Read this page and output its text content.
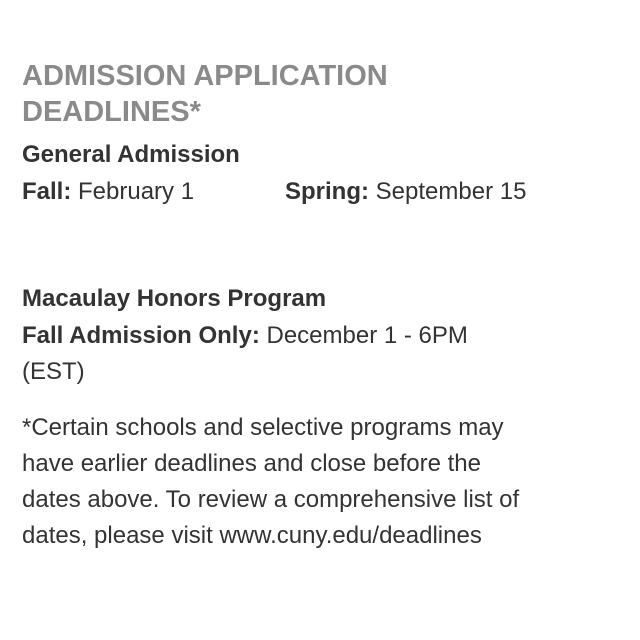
ADMISSION APPLICATION
DEADLINES*
General Admission
Fall: February 1	Spring: September 15
Macaulay Honors Program
Fall Admission Only: December 1 - 6PM
(EST)

*Certain schools and selective programs may
have earlier deadlines and close before the
dates above. To review a comprehensive list of
dates, please visit www.cuny.edu/deadlines
